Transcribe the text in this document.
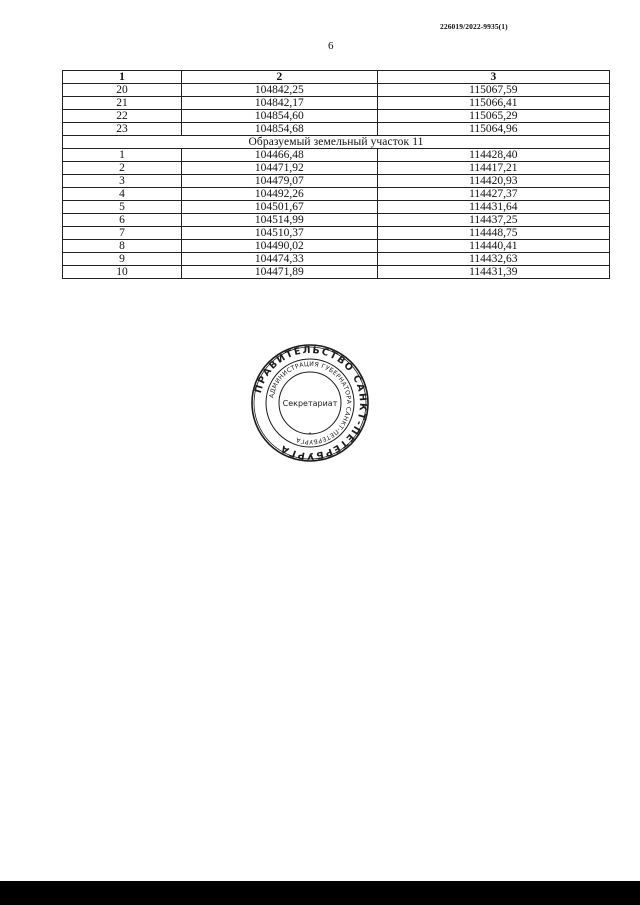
226019/2022-9935(1)
6
1	2	3
20	104842,25	115067,59
21	104842,17	115066,41
22	104854,60	115065,29
23	104854,68	115064,96
Образуемый земельный участок 11		
1	104466,48	114428,40
2	104471,92	114417,21
3	104479,07	114420,93
4	104492,26	114427,37
5	104501,67	114431,64
6	104514,99	114437,25
7	104510,37	114448,75
8	104490,02	114440,41
9	104474,33	114432,63
10	104471,89	114431,39
ПРАВИТЕЛЬСТВО САНКТ-ПЕТЕРБУРГА
АДМИНИСТРАЦИЯ ГУБЕРНАТОРА САНКТ-ПЕТЕРБУРГА
Секретариат
•
